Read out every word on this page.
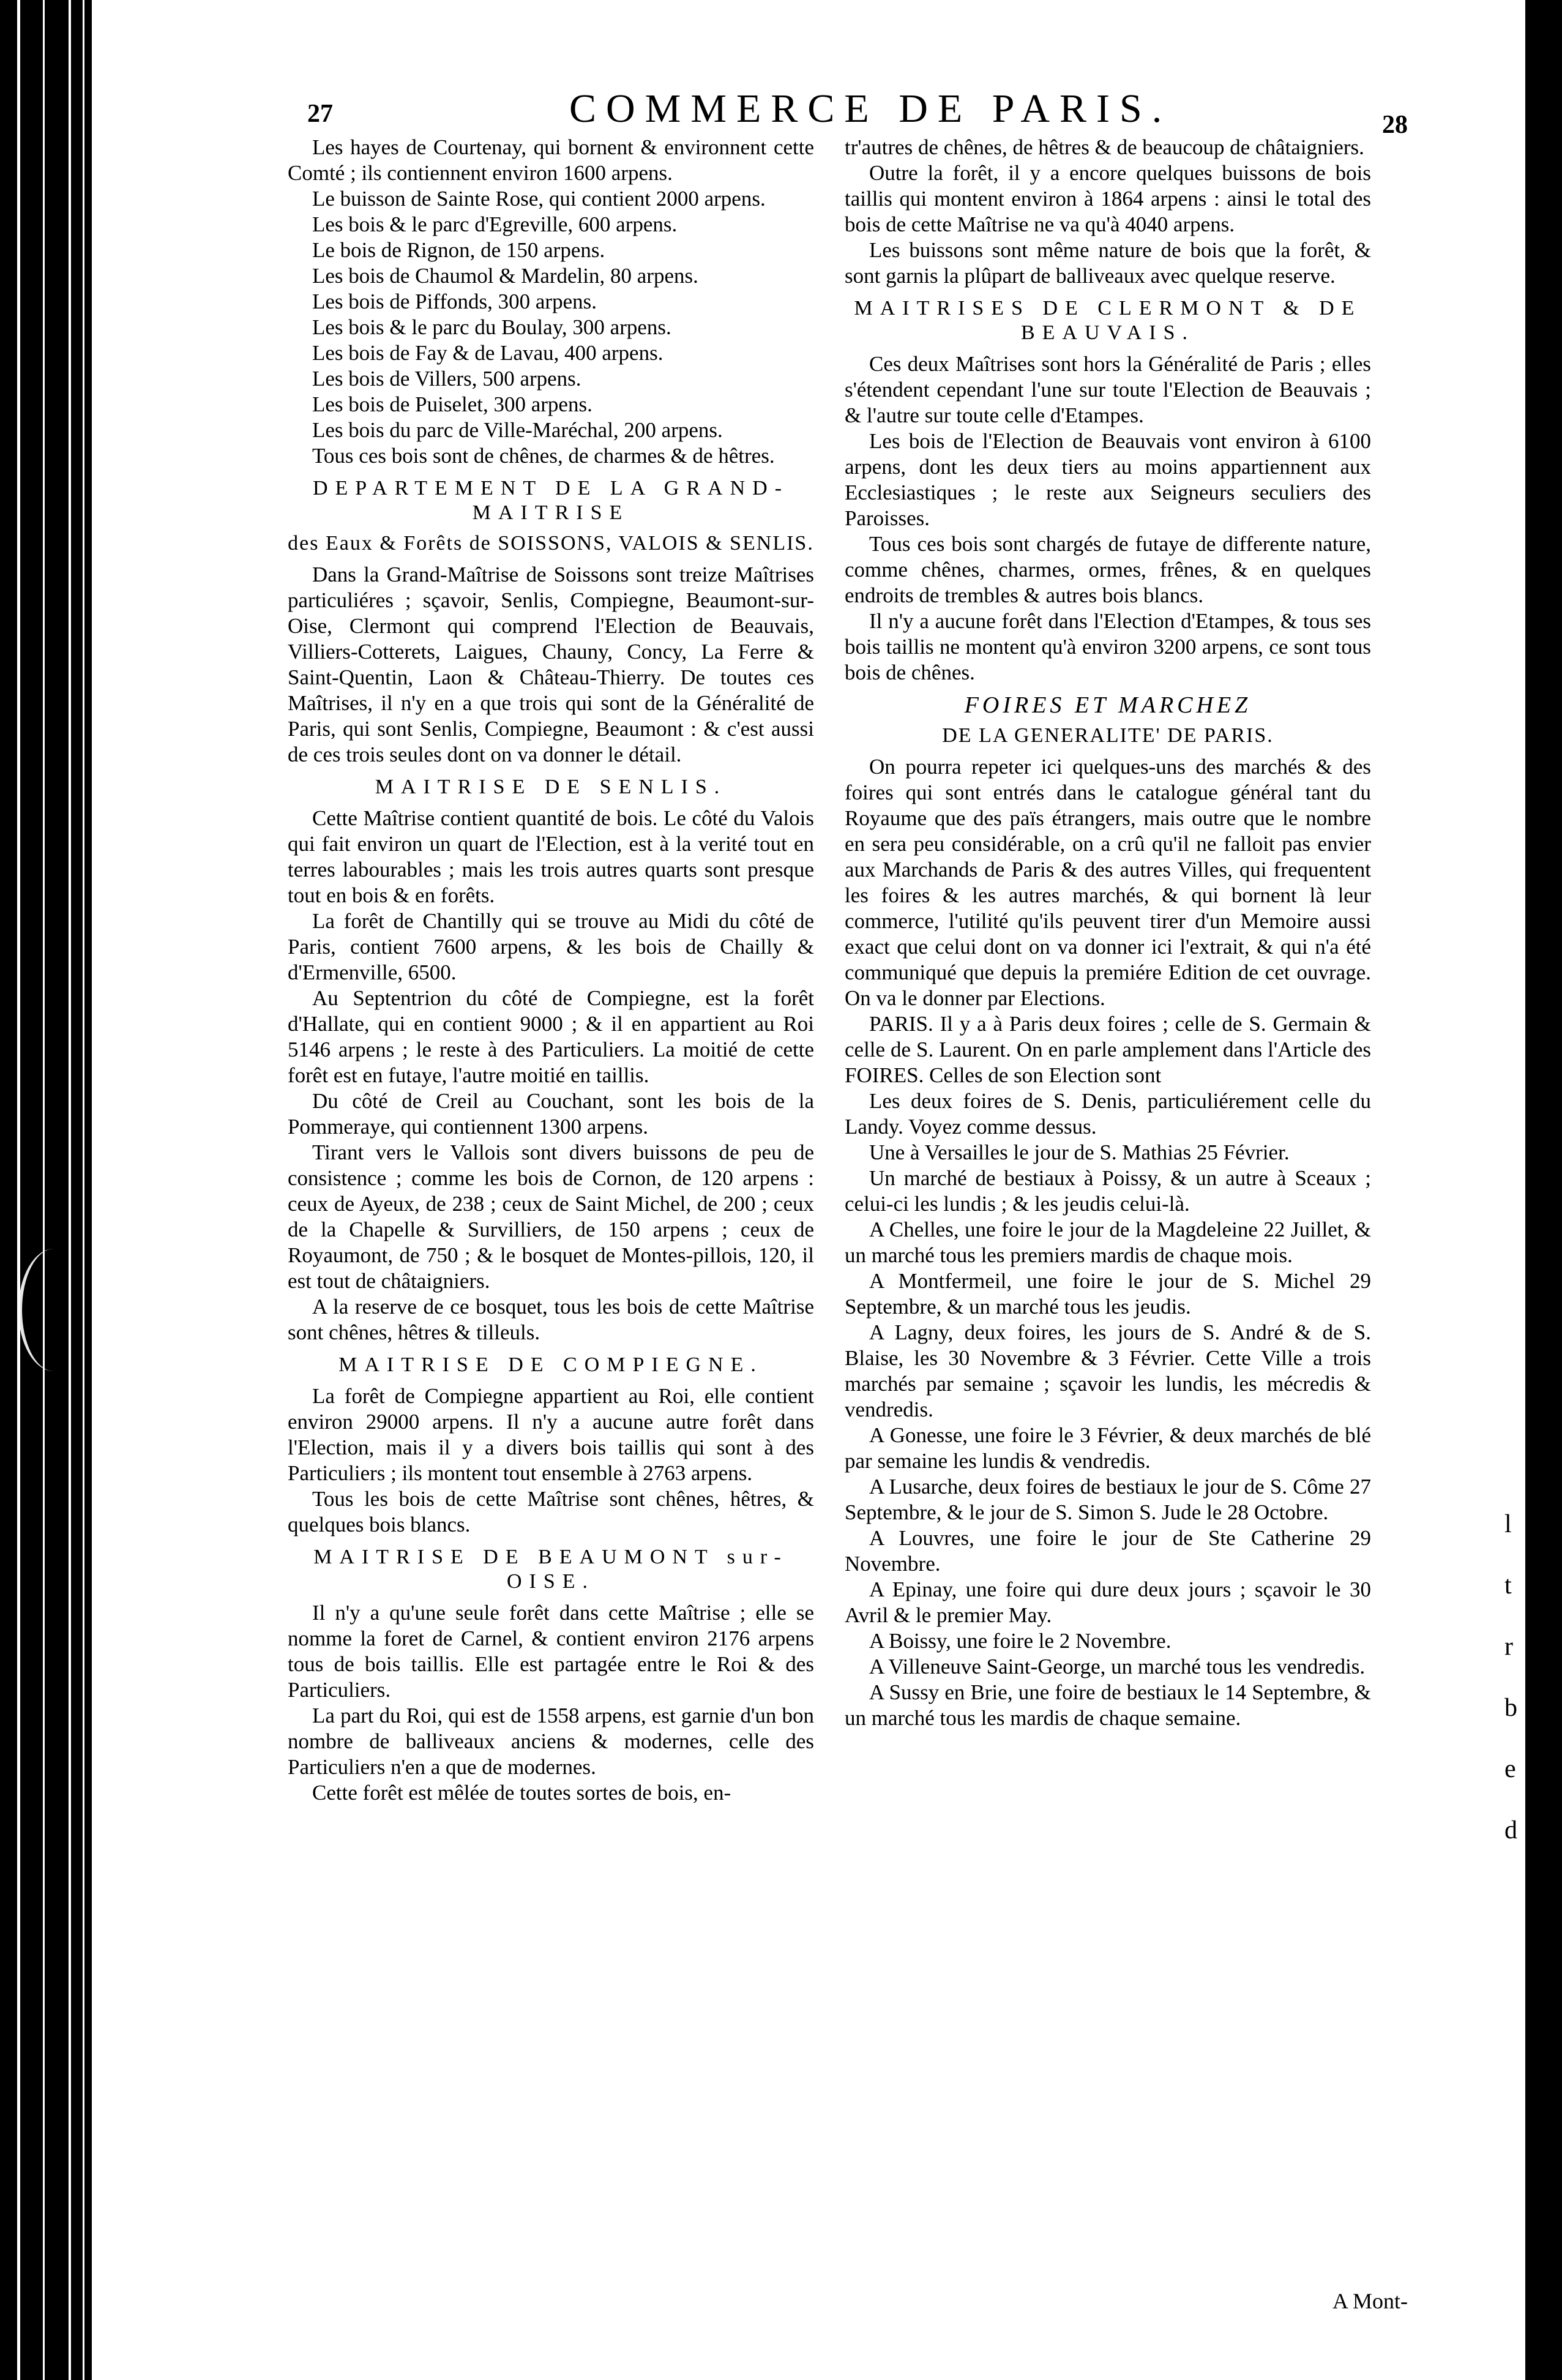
l
t
r
b
e
d
27	COMMERCE DE PARIS.	28

Les hayes de Courtenay, qui bornent & environnent cette Comté ; ils contiennent environ 1600 arpens.

Le buisson de Sainte Rose, qui contient 2000 arpens.

Les bois & le parc d'Egreville, 600 arpens.

Le bois de Rignon, de 150 arpens.

Les bois de Chaumol & Mardelin, 80 arpens.

Les bois de Piffonds, 300 arpens.

Les bois & le parc du Boulay, 300 arpens.

Les bois de Fay & de Lavau, 400 arpens.

Les bois de Villers, 500 arpens.

Les bois de Puiselet, 300 arpens.

Les bois du parc de Ville-Maréchal, 200 arpens.

Tous ces bois sont de chênes, de charmes & de hêtres.

DEPARTEMENT DE LA GRAND-MAITRISE
des Eaux & Forêts de SOISSONS, VALOIS & SENLIS.

Dans la Grand-Maîtrise de Soissons sont treize Maîtrises particuliéres ; sçavoir, Senlis, Compiegne, Beaumont-sur-Oise, Clermont qui comprend l'Election de Beauvais, Villiers-Cotterets, Laigues, Chauny, Concy, La Ferre & Saint-Quentin, Laon & Château-Thierry. De toutes ces Maîtrises, il n'y en a que trois qui sont de la Généralité de Paris, qui sont Senlis, Compiegne, Beaumont : & c'est aussi de ces trois seules dont on va donner le détail.

MAITRISE DE SENLIS.

Cette Maîtrise contient quantité de bois. Le côté du Valois qui fait environ un quart de l'Election, est à la verité tout en terres labourables ; mais les trois autres quarts sont presque tout en bois & en forêts.

La forêt de Chantilly qui se trouve au Midi du côté de Paris, contient 7600 arpens, & les bois de Chailly & d'Ermenville, 6500.

Au Septentrion du côté de Compiegne, est la forêt d'Hallate, qui en contient 9000 ; & il en appartient au Roi 5146 arpens ; le reste à des Particuliers. La moitié de cette forêt est en futaye, l'autre moitié en taillis.

Du côté de Creil au Couchant, sont les bois de la Pommeraye, qui contiennent 1300 arpens.

Tirant vers le Vallois sont divers buissons de peu de consistence ; comme les bois de Cornon, de 120 arpens : ceux de Ayeux, de 238 ; ceux de Saint Michel, de 200 ; ceux de la Chapelle & Survilliers, de 150 arpens ; ceux de Royaumont, de 750 ; & le bosquet de Montes-pillois, 120, il est tout de châtaigniers.

A la reserve de ce bosquet, tous les bois de cette Maîtrise sont chênes, hêtres & tilleuls.

MAITRISE DE COMPIEGNE.

La forêt de Compiegne appartient au Roi, elle contient environ 29000 arpens. Il n'y a aucune autre forêt dans l'Election, mais il y a divers bois taillis qui sont à des Particuliers ; ils montent tout ensemble à 2763 arpens.

Tous les bois de cette Maîtrise sont chênes, hêtres, & quelques bois blancs.

MAITRISE DE BEAUMONT sur-OISE.

Il n'y a qu'une seule forêt dans cette Maîtrise ; elle se nomme la foret de Carnel, & contient environ 2176 arpens tous de bois taillis. Elle est partagée entre le Roi & des Particuliers.

La part du Roi, qui est de 1558 arpens, est garnie d'un bon nombre de balliveaux anciens & modernes, celle des Particuliers n'en a que de modernes.

Cette forêt est mêlée de toutes sortes de bois, en-

tr'autres de chênes, de hêtres & de beaucoup de châtaigniers.

Outre la forêt, il y a encore quelques buissons de bois taillis qui montent environ à 1864 arpens : ainsi le total des bois de cette Maîtrise ne va qu'à 4040 arpens.

Les buissons sont même nature de bois que la forêt, & sont garnis la plûpart de balliveaux avec quelque reserve.

MAITRISES DE CLERMONT & DE BEAUVAIS.

Ces deux Maîtrises sont hors la Généralité de Paris ; elles s'étendent cependant l'une sur toute l'Election de Beauvais ; & l'autre sur toute celle d'Etampes.

Les bois de l'Election de Beauvais vont environ à 6100 arpens, dont les deux tiers au moins appartiennent aux Ecclesiastiques ; le reste aux Seigneurs seculiers des Paroisses.

Tous ces bois sont chargés de futaye de differente nature, comme chênes, charmes, ormes, frênes, & en quelques endroits de trembles & autres bois blancs.

Il n'y a aucune forêt dans l'Election d'Etampes, & tous ses bois taillis ne montent qu'à environ 3200 arpens, ce sont tous bois de chênes.

FOIRES ET MARCHEZ
DE LA GENERALITE' DE PARIS.

On pourra repeter ici quelques-uns des marchés & des foires qui sont entrés dans le catalogue général tant du Royaume que des païs étrangers, mais outre que le nombre en sera peu considérable, on a crû qu'il ne falloit pas envier aux Marchands de Paris & des autres Villes, qui frequentent les foires & les autres marchés, & qui bornent là leur commerce, l'utilité qu'ils peuvent tirer d'un Memoire aussi exact que celui dont on va donner ici l'extrait, & qui n'a été communiqué que depuis la premiére Edition de cet ouvrage. On va le donner par Elections.

PARIS. Il y a à Paris deux foires ; celle de S. Germain & celle de S. Laurent. On en parle amplement dans l'Article des FOIRES. Celles de son Election sont

Les deux foires de S. Denis, particuliérement celle du Landy. Voyez comme dessus.

Une à Versailles le jour de S. Mathias 25 Février.

Un marché de bestiaux à Poissy, & un autre à Sceaux ; celui-ci les lundis ; & les jeudis celui-là.

A Chelles, une foire le jour de la Magdeleine 22 Juillet, & un marché tous les premiers mardis de chaque mois.

A Montfermeil, une foire le jour de S. Michel 29 Septembre, & un marché tous les jeudis.

A Lagny, deux foires, les jours de S. André & de S. Blaise, les 30 Novembre & 3 Février. Cette Ville a trois marchés par semaine ; sçavoir les lundis, les mécredis & vendredis.

A Gonesse, une foire le 3 Février, & deux marchés de blé par semaine les lundis & vendredis.

A Lusarche, deux foires de bestiaux le jour de S. Côme 27 Septembre, & le jour de S. Simon S. Jude le 28 Octobre.

A Louvres, une foire le jour de Ste Catherine 29 Novembre.

A Epinay, une foire qui dure deux jours ; sçavoir le 30 Avril & le premier May.

A Boissy, une foire le 2 Novembre.

A Villeneuve Saint-George, un marché tous les vendredis.

A Sussy en Brie, une foire de bestiaux le 14 Septembre, & un marché tous les mardis de chaque semaine.

A Mont-
